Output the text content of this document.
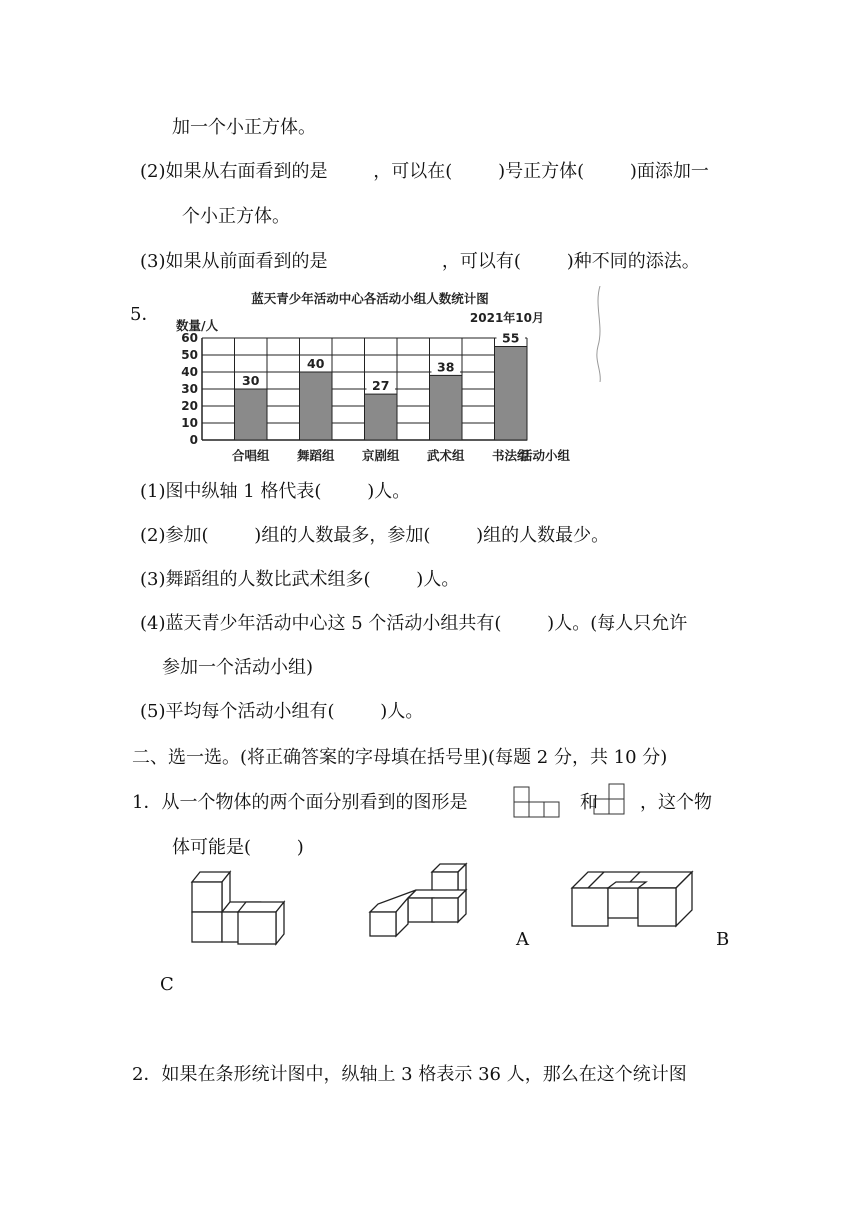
加一个小正方体。
(2)如果从右面看到的是        ，可以在(        )号正方体(        )面添加一
个小正方体。
(3)如果从前面看到的是                    ，可以有(        )种不同的添法。
5．
蓝天青少年活动中心各活动小组人数统计图
2021年10月
数量/人
0
10
20
30
40
50
60
30
合唱组
40
舞蹈组
27
京剧组
38
武术组
55
书法组
活动小组
(1)图中纵轴 1 格代表(        )人。
(2)参加(        )组的人数最多，参加(        )组的人数最少。
(3)舞蹈组的人数比武术组多(        )人。
(4)蓝天青少年活动中心这 5 个活动小组共有(        )人。(每人只允许
参加一个活动小组)
(5)平均每个活动小组有(        )人。
二、选一选。(将正确答案的字母填在括号里)(每题 2 分，共 10 分)
1．从一个物体的两个面分别看到的图形是	和 ，这个物
体可能是(        )
A	B
C
2．如果在条形统计图中，纵轴上 3 格表示 36 人，那么在这个统计图
